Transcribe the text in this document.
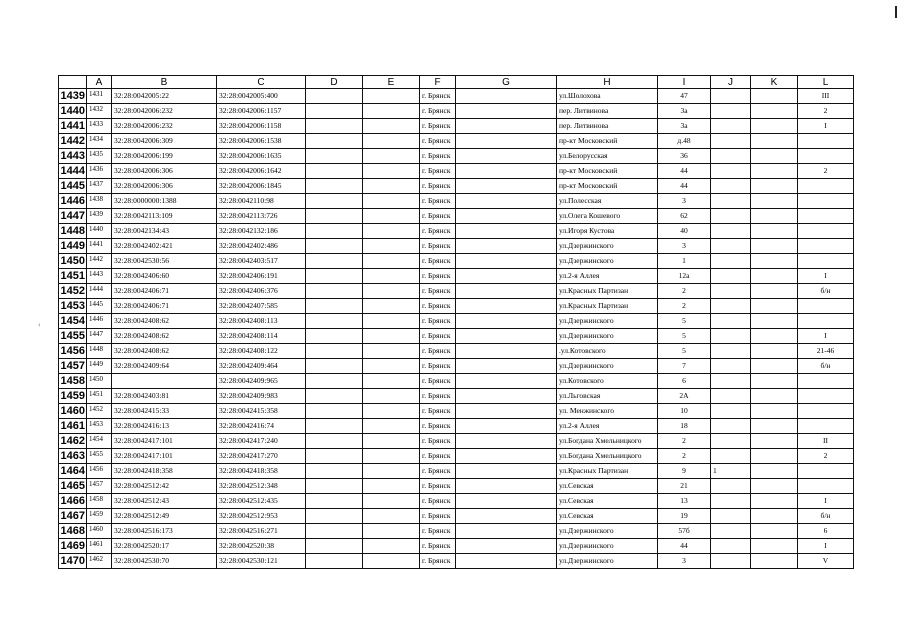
‹
	A	B	C	D	E	F	G	H	I	J	K	L
1439	1431	32:28:0042005:22	32:28:0042005:400			г. Брянск		ул.Шолохова	47			III
1440	1432	32:28:0042006:232	32:28:0042006:1157			г. Брянск		пер. Литвинова	3а			2
1441	1433	32:28:0042006:232	32:28:0042006:1158			г. Брянск		пер. Литвинова	3а			I
1442	1434	32:28:0042006:309	32:28:0042006:1538			г. Брянск		пр-кт Московский	д.48			
1443	1435	32:28:0042006:199	32:28:0042006:1635			г. Брянск		ул.Белорусская	36			
1444	1436	32:28:0042006:306	32:28:0042006:1642			г. Брянск		пр-кт Московский	44			2
1445	1437	32:28:0042006:306	32:28:0042006:1845			г. Брянск		пр-кт Московский	44			
1446	1438	32:28:0000000:1388	32:28:0042110:98			г. Брянск		ул.Полесская	3			
1447	1439	32:28:0042113:109	32:28:0042113:726			г. Брянск		ул.Олега Кошевого	62			
1448	1440	32:28:0042134:43	32:28:0042132:186			г. Брянск		ул.Игоря Кустова	40			
1449	1441	32:28:0042402:421	32:28:0042402:486			г. Брянск		ул.Дзержинского	3			
1450	1442	32:28:0042530:56	32:28:0042403:517			г. Брянск		ул.Дзержинского	1			
1451	1443	32:28:0042406:60	32:28:0042406:191			г. Брянск		ул.2-я Аллея	12а			I
1452	1444	32:28:0042406:71	32:28:0042406:376			г. Брянск		ул.Красных Партизан	2			б/н
1453	1445	32:28:0042406:71	32:28:0042407:585			г. Брянск		ул.Красных Партизан	2			
1454	1446	32:28:0042408:62	32:28:0042408:113			г. Брянск		ул.Дзержинского	5			
1455	1447	32:28:0042408:62	32:28:0042408:114			г. Брянск		ул.Дзержинского	5			I
1456	1448	32:28:0042408:62	32:28:0042408:122			г. Брянск		.ул.Котовского	5			21-46
1457	1449	32:28:0042409:64	32:28:0042409:464			г. Брянск		ул.Дзержинского	7			б/н
1458	1450		32:28:0042409:965			г. Брянск		ул.Котовского	6			
1459	1451	32:28:0042403:81	32:28:0042409:983			г. Брянск		ул.Льговская	2А			
1460	1452	32:28:0042415:33	32:28:0042415:358			г. Брянск		ул. Менжинского	10			
1461	1453	32:28:0042416:13	32:28:0042416:74			г. Брянск		ул.2-я Аллея	18			
1462	1454	32:28:0042417:101	32:28:0042417:240			г. Брянск		ул.Богдана Хмельницкого	2			II
1463	1455	32:28:0042417:101	32:28:0042417:270			г. Брянск		ул.Богдана Хмельницкого	2			2
1464	1456	32:28:0042418:358	32:28:0042418:358			г. Брянск		ул.Красных Партизан	9	1		
1465	1457	32:28:0042512:42	32:28:0042512:348			г. Брянск		ул.Севская	21			
1466	1458	32:28:0042512:43	32:28:0042512:435			г. Брянск		ул.Севская	13			I
1467	1459	32:28:0042512:49	32:28:0042512:953			г. Брянск		ул.Севская	19			б/н
1468	1460	32:28:0042516:173	32:28:0042516:271			г. Брянск		ул.Дзержинского	57б			6
1469	1461	32:28:0042520:17	32:28:0042520:38			г. Брянск		ул.Дзержинского	44			I
1470	1462	32:28:0042530:70	32:28:0042530:121			г. Брянск		ул.Дзержинского	3			V
